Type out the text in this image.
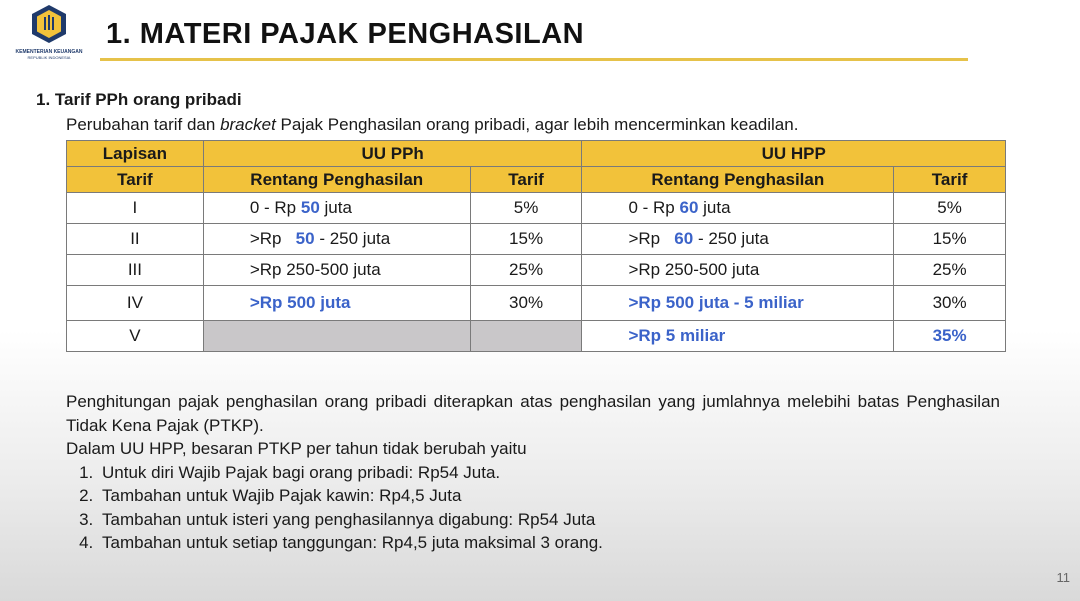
KEMENTERIAN KEUANGAN
REPUBLIK INDONESIA
1. MATERI PAJAK PENGHASILAN
1. Tarif PPh orang pribadi
Perubahan tarif dan bracket Pajak Penghasilan orang pribadi, agar lebih mencerminkan keadilan.
Lapisan	UU PPh		UU HPP	
Tarif	Rentang Penghasilan	Tarif	Rentang Penghasilan	Tarif
I	0 - Rp 50 juta	5%	0 - Rp 60 juta	5%
II	>Rp   50 - 250 juta	15%	>Rp   60 - 250 juta	15%
III	>Rp 250-500 juta	25%	>Rp 250-500 juta	25%
IV	>Rp 500 juta	30%	>Rp 500 juta - 5 miliar	30%
V			>Rp 5 miliar	35%

Penghitungan pajak penghasilan orang pribadi diterapkan atas penghasilan yang jumlahnya melebihi batas Penghasilan Tidak Kena Pajak (PTKP).

Dalam UU HPP, besaran PTKP per tahun tidak berubah yaitu

1. Untuk diri Wajib Pajak bagi orang pribadi: Rp54 Juta.
2. Tambahan untuk Wajib Pajak kawin: Rp4,5 Juta
3. Tambahan untuk isteri yang penghasilannya digabung: Rp54 Juta
4. Tambahan untuk setiap tanggungan: Rp4,5 juta maksimal 3 orang.
11
